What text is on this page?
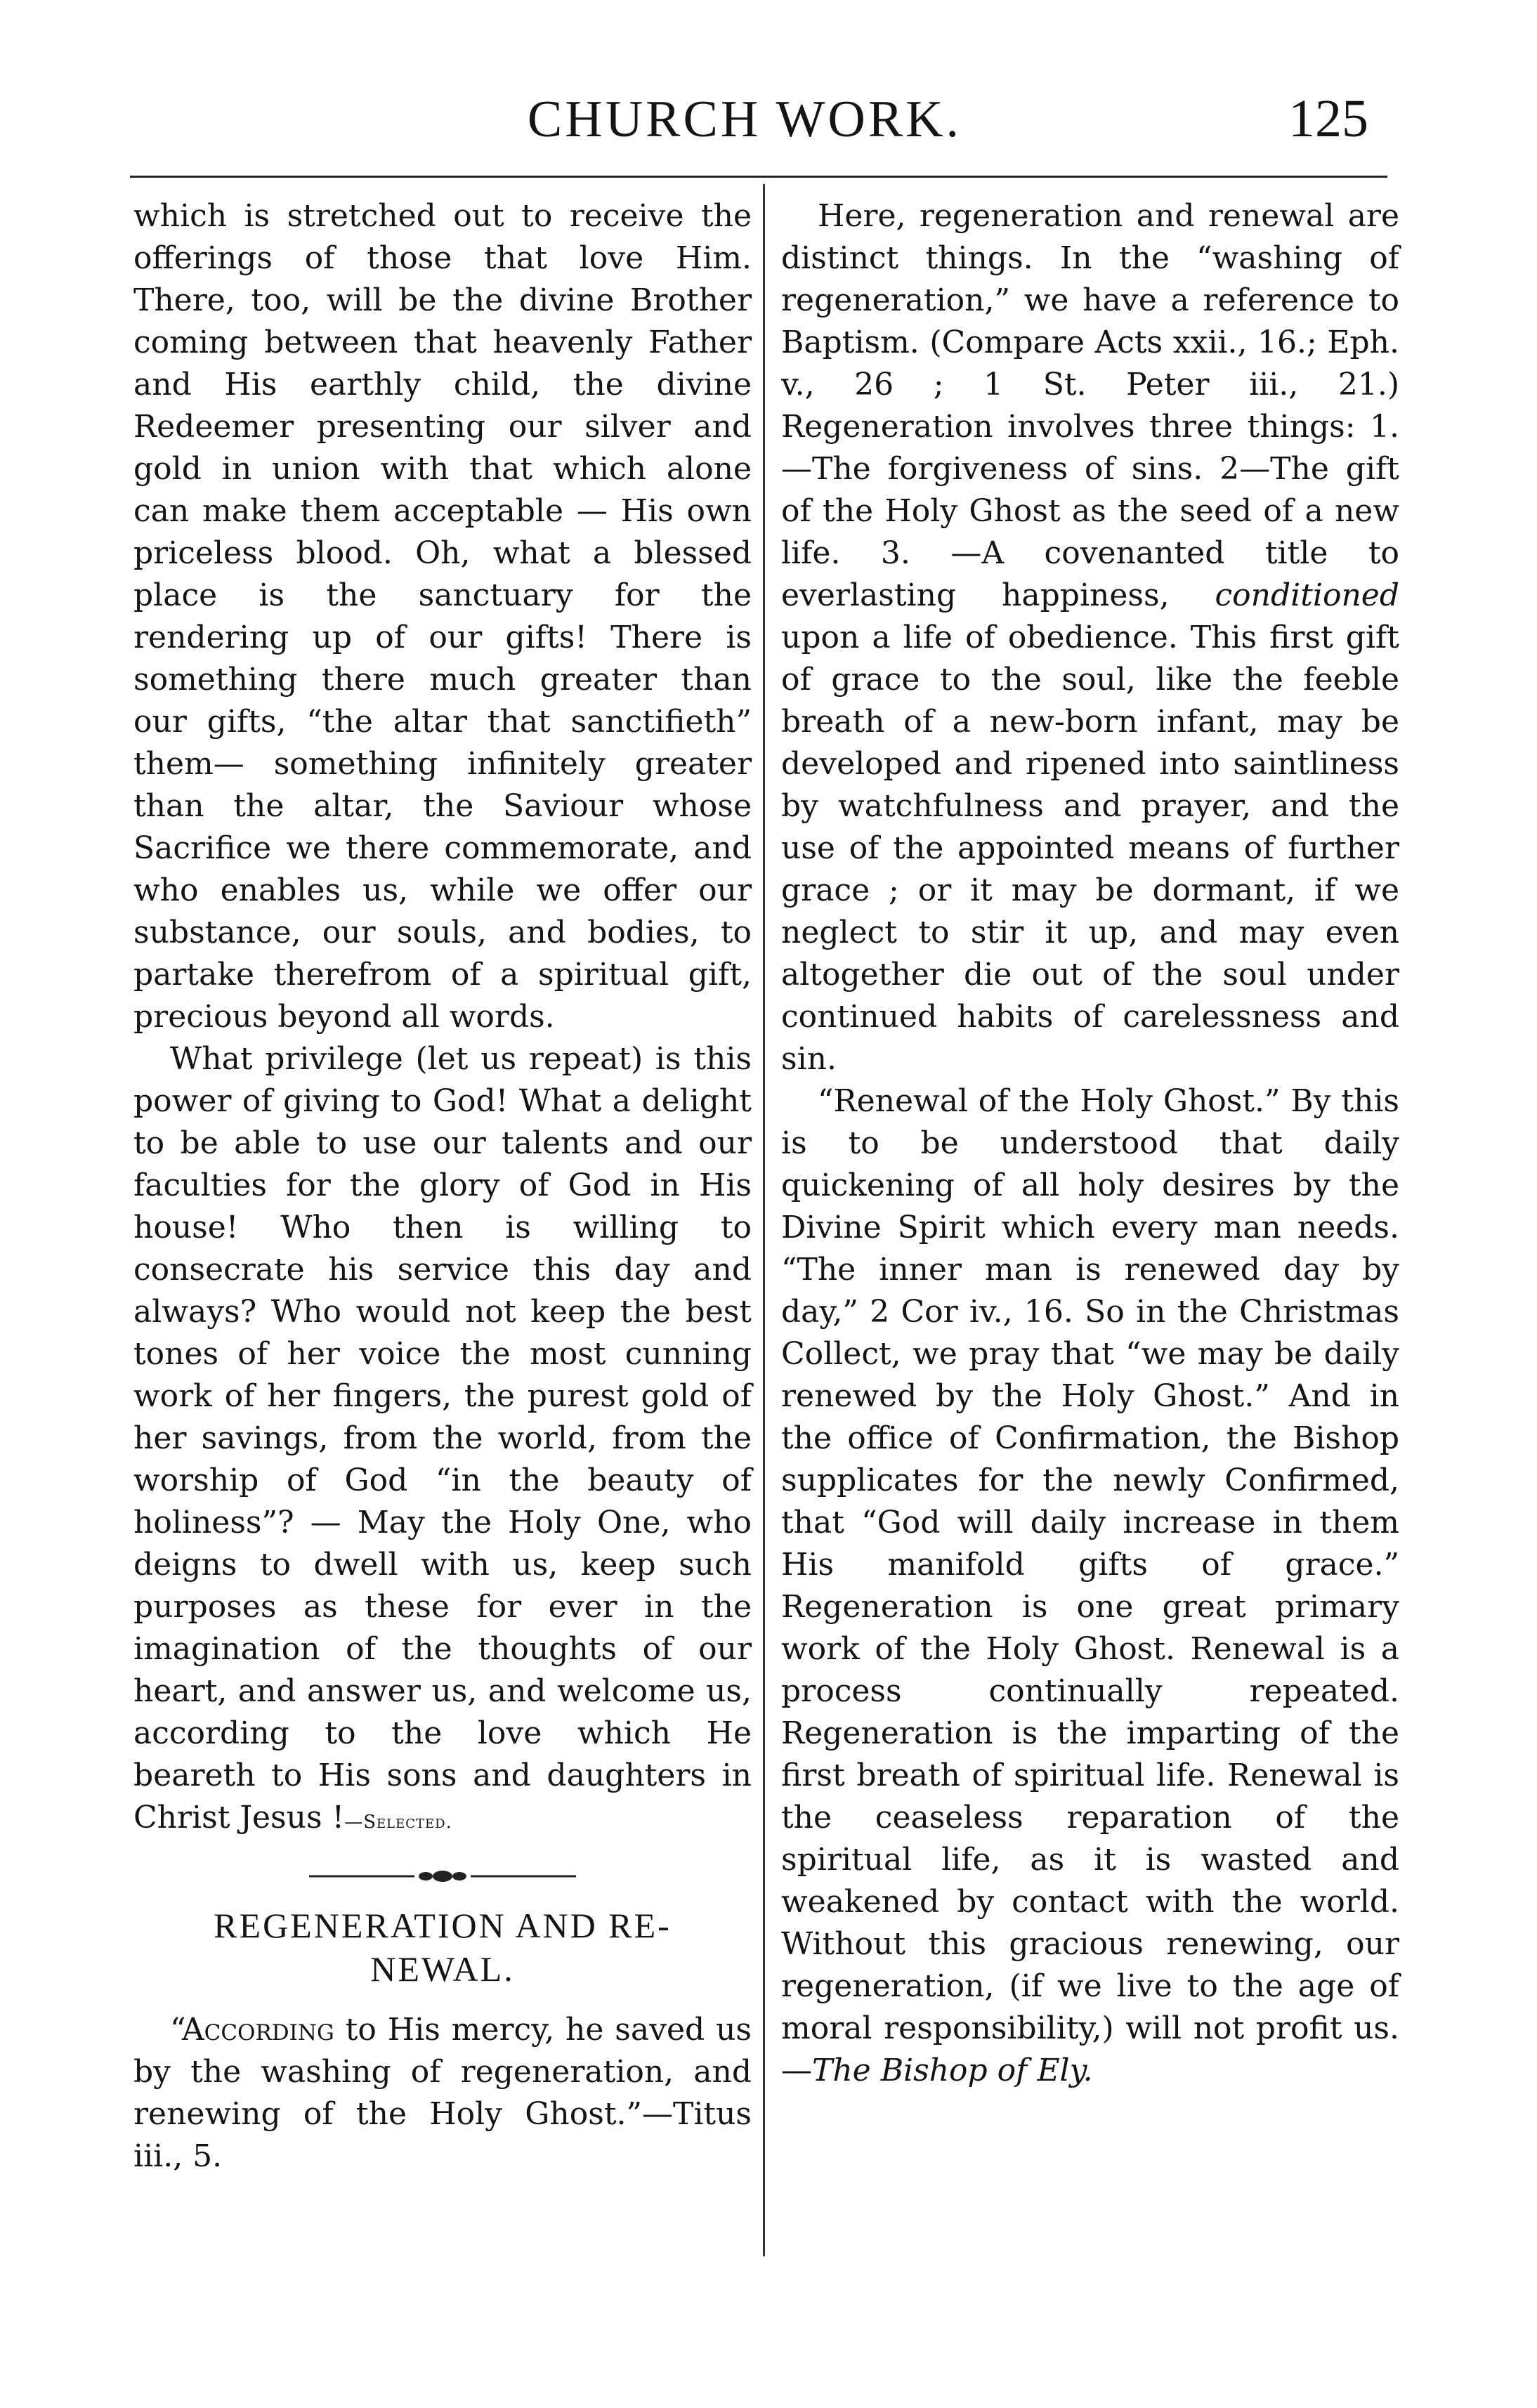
CHURCH WORK.	125

which is stretched out to receive the offerings of those that love Him. There, too, will be the divine Brother coming between that heavenly Father and His earthly child, the divine Redeemer presenting our silver and gold in union with that which alone can make them acceptable — His own priceless blood. Oh, what a blessed place is the sanctuary for the rendering up of our gifts! There is something there much greater than our gifts, “the altar that sanctifieth” them— something infinitely greater than the altar, the Saviour whose Sacrifice we there commemorate, and who enables us, while we offer our substance, our souls, and bodies, to partake therefrom of a spiritual gift, precious beyond all words.

What privilege (let us repeat) is this power of giving to God! What a delight to be able to use our talents and our faculties for the glory of God in His house! Who then is willing to consecrate his service this day and always? Who would not keep the best tones of her voice the most cunning work of her fingers, the purest gold of her savings, from the world, from the worship of God “in the beauty of holiness”? — May the Holy One, who deigns to dwell with us, keep such purposes as these for ever in the imagination of the thoughts of our heart, and answer us, and welcome us, according to the love which He beareth to His sons and daughters in Christ Jesus !—Selected.

REGENERATION AND RE-
NEWAL.

“According to His mercy, he saved us by the washing of regeneration, and renewing of the Holy Ghost.”—Titus iii., 5.

Here, regeneration and renewal are distinct things. In the “washing of regeneration,” we have a reference to Baptism. (Compare Acts xxii., 16.; Eph. v., 26 ; 1 St. Peter iii., 21.) Regeneration involves three things: 1.—The forgiveness of sins. 2—The gift of the Holy Ghost as the seed of a new life. 3. —A covenanted title to everlasting happiness, conditioned upon a life of obedience. This first gift of grace to the soul, like the feeble breath of a new-born infant, may be developed and ripened into saintliness by watchfulness and prayer, and the use of the appointed means of further grace ; or it may be dormant, if we neglect to stir it up, and may even altogether die out of the soul under continued habits of carelessness and sin.

“Renewal of the Holy Ghost.” By this is to be understood that daily quickening of all holy desires by the Divine Spirit which every man needs. “The inner man is renewed day by day,” 2 Cor iv., 16. So in the Christmas Collect, we pray that “we may be daily renewed by the Holy Ghost.” And in the office of Confirmation, the Bishop supplicates for the newly Confirmed, that “God will daily increase in them His manifold gifts of grace.” Regeneration is one great primary work of the Holy Ghost. Renewal is a process continually repeated. Regeneration is the imparting of the first breath of spiritual life. Renewal is the ceaseless reparation of the spiritual life, as it is wasted and weakened by contact with the world. Without this gracious renewing, our regeneration, (if we live to the age of moral responsibility,) will not profit us.—The Bishop of Ely.
